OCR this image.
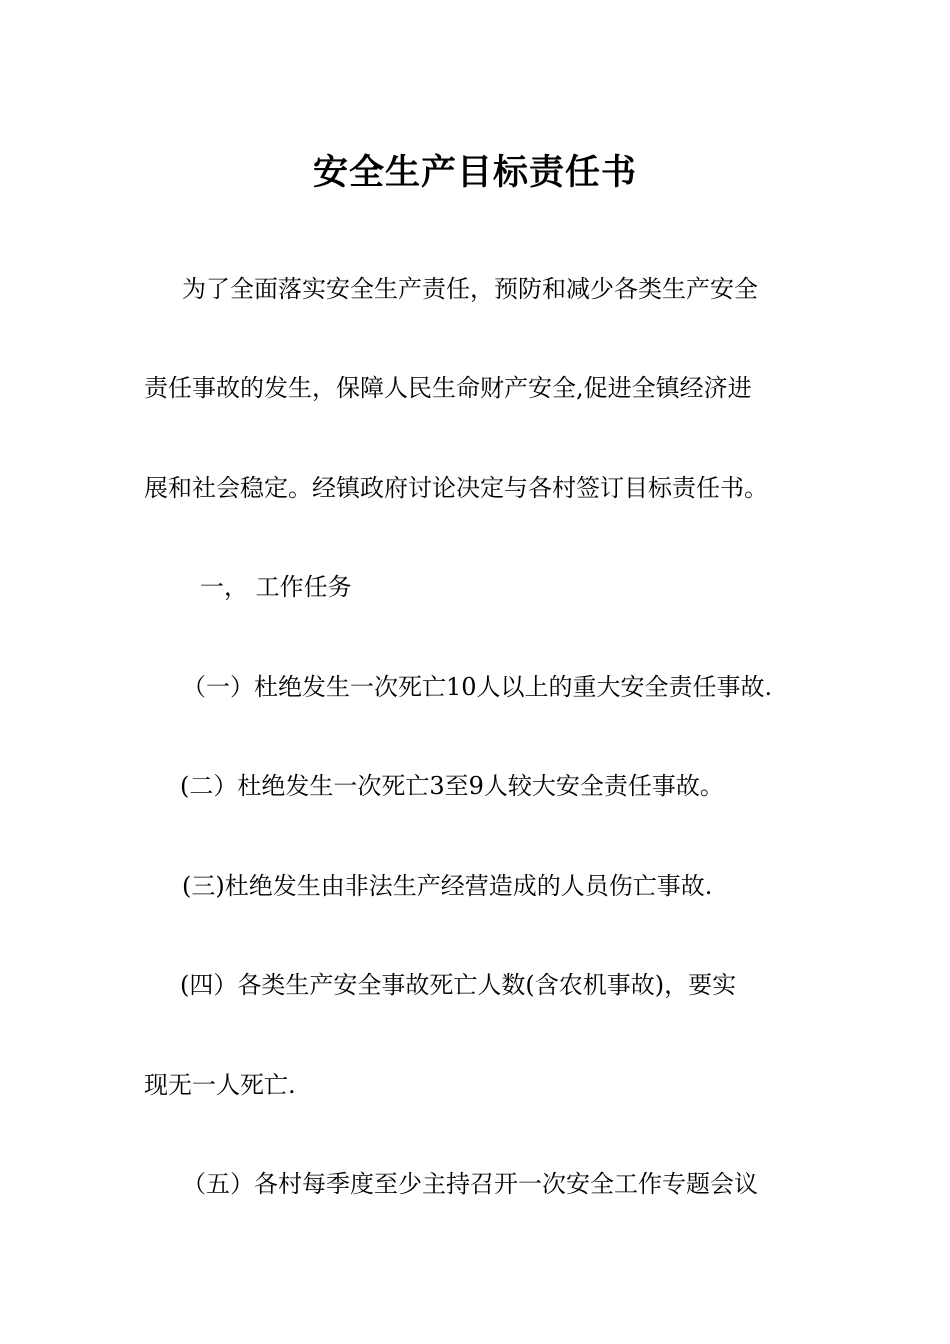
安全生产目标责任书
为了全面落实安全生产责任，预防和减少各类生产安全
责任事故的发生，保障人民生命财产安全,促进全镇经济进
展和社会稳定。经镇政府讨论决定与各村签订目标责任书。
一， 工作任务
（一）杜绝发生一次死亡10人以上的重大安全责任事故.
(二）杜绝发生一次死亡3至9人较大安全责任事故。
(三)杜绝发生由非法生产经营造成的人员伤亡事故.
(四）各类生产安全事故死亡人数(含农机事故)，要实
现无一人死亡.
（五）各村每季度至少主持召开一次安全工作专题会议
